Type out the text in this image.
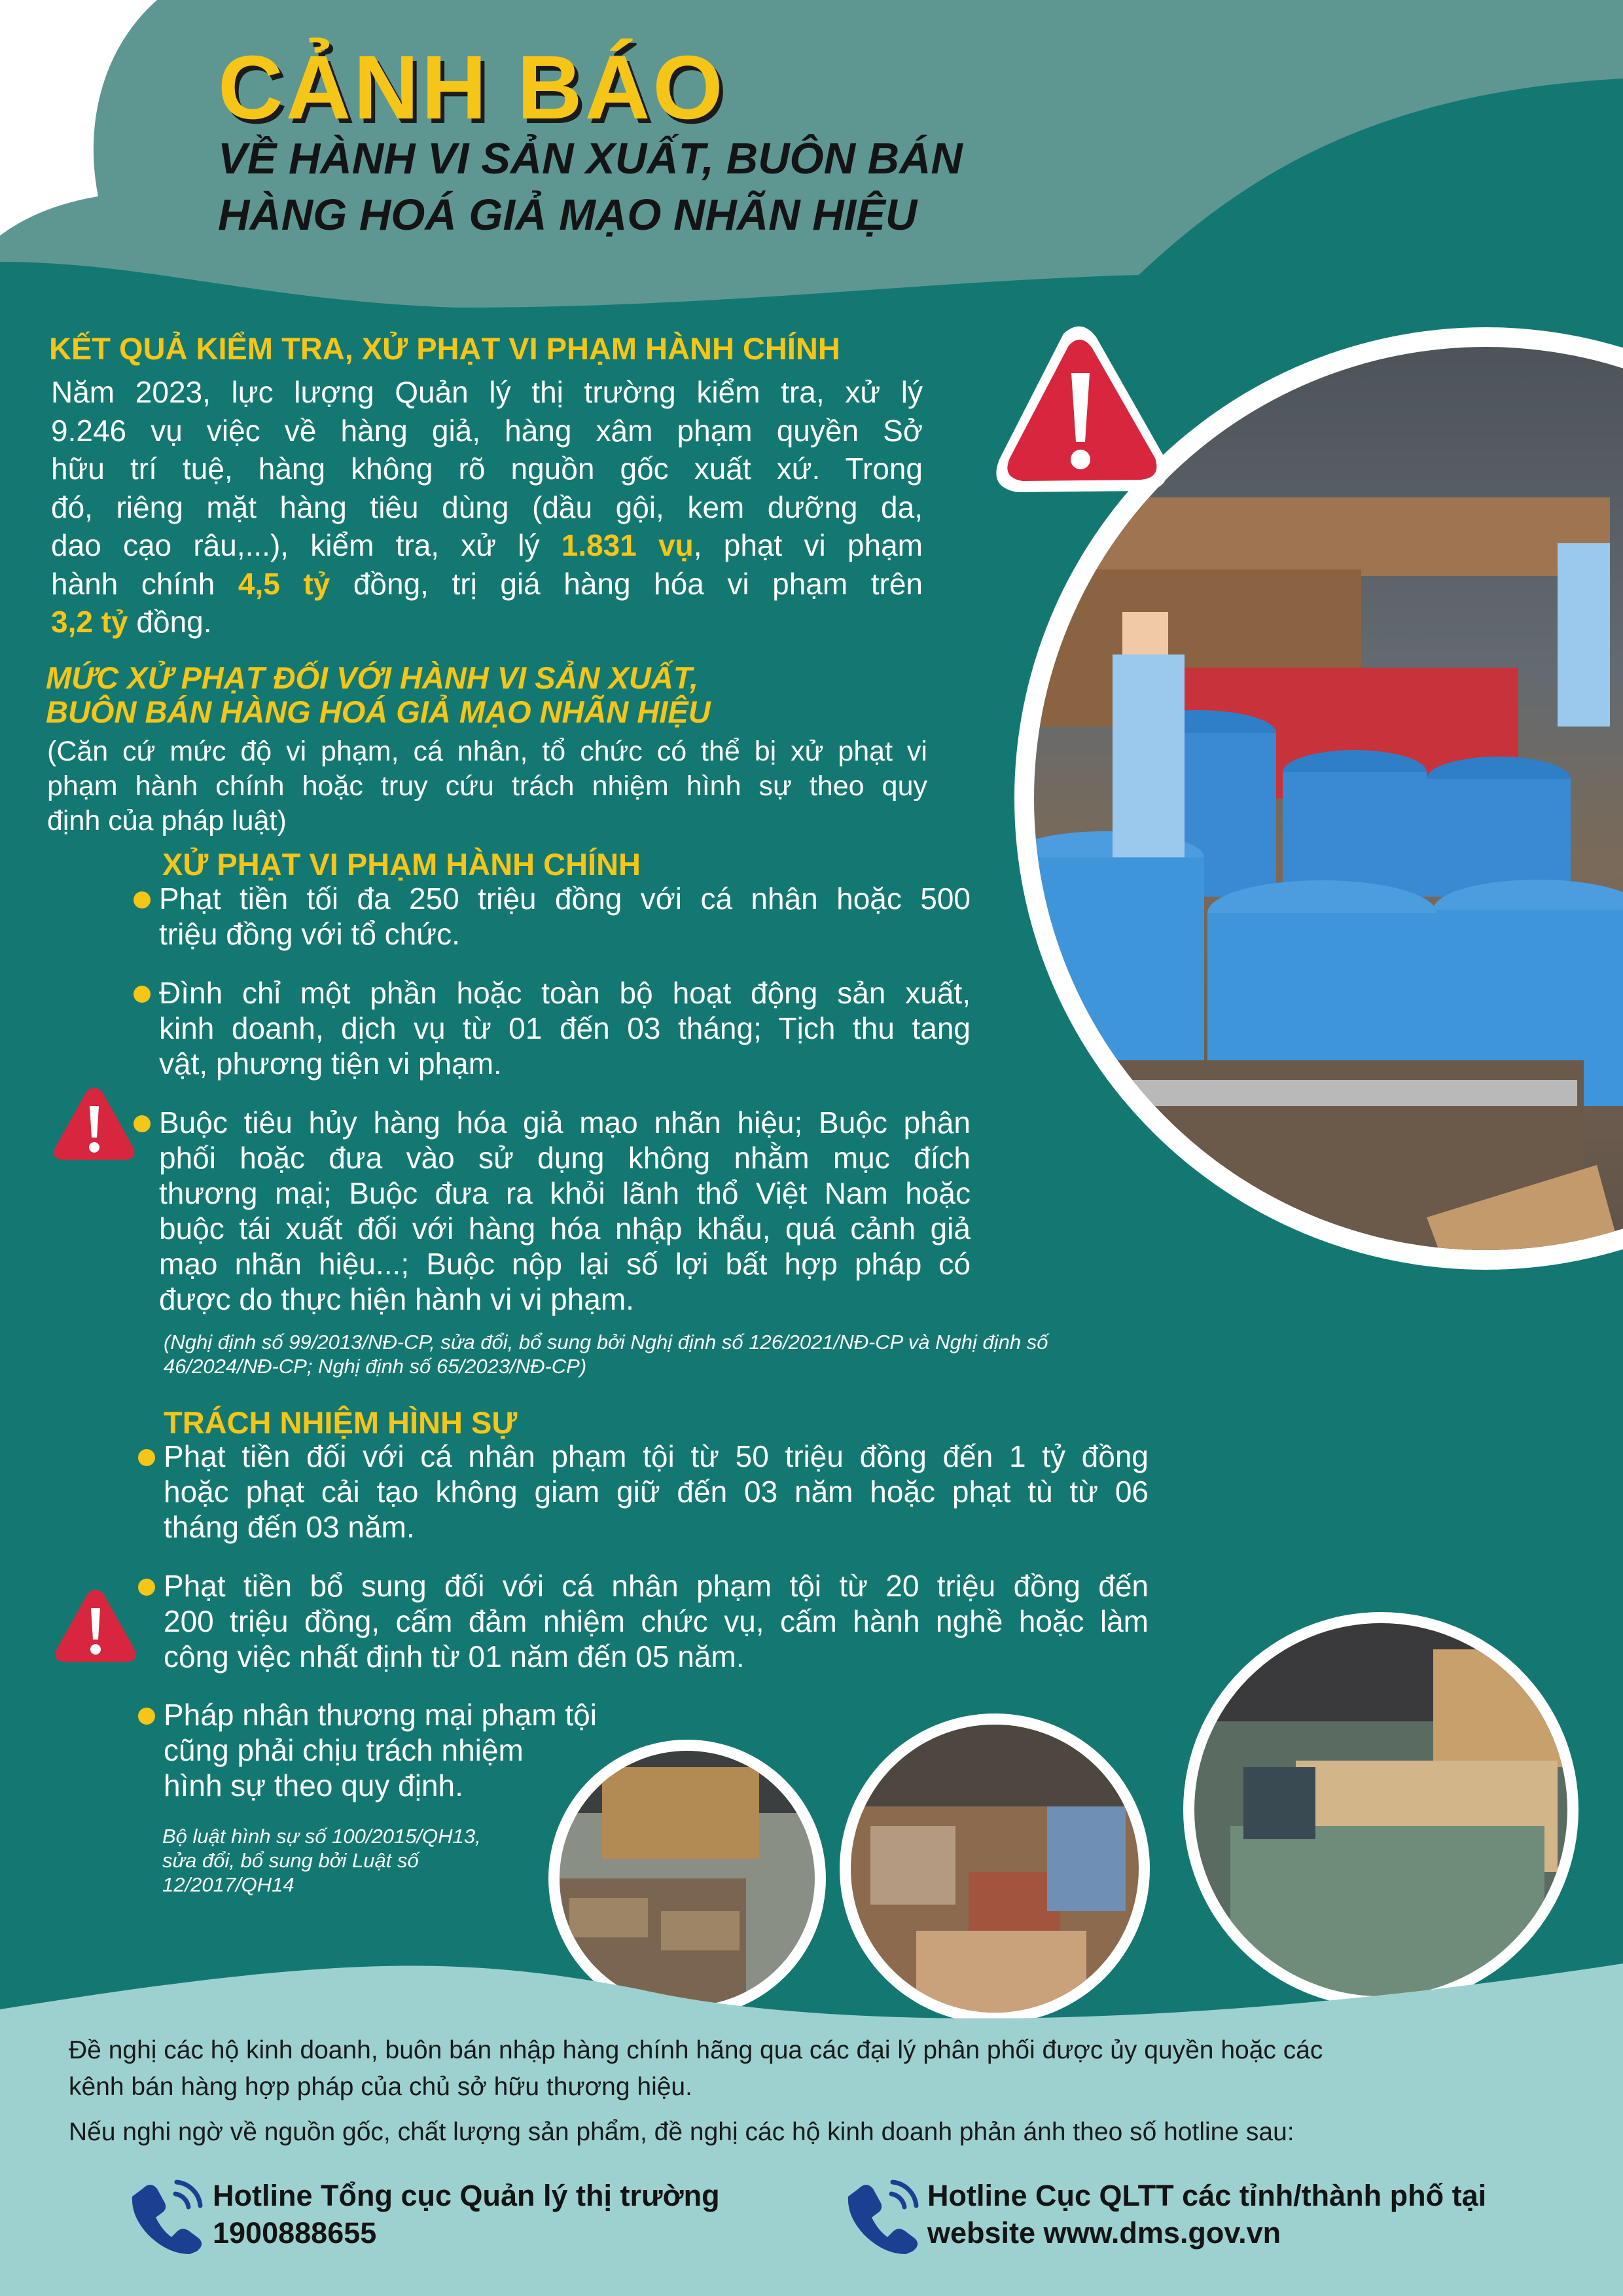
CẢNH BÁO
VỀ HÀNH VI SẢN XUẤT, BUÔN BÁN
HÀNG HOÁ GIẢ MẠO NHÃN HIỆU
KẾT QUẢ KIỂM TRA, XỬ PHẠT VI PHẠM HÀNH CHÍNH
Năm 2023, lực lượng Quản lý thị trường kiểm tra, xử lý
9.246 vụ việc về hàng giả, hàng xâm phạm quyền Sở
hữu trí tuệ, hàng không rõ nguồn gốc xuất xứ. Trong
đó, riêng mặt hàng tiêu dùng (dầu gội, kem dưỡng da,
dao cạo râu,...), kiểm tra, xử lý 1.831 vụ, phạt vi phạm
hành chính 4,5 tỷ đồng, trị giá hàng hóa vi phạm trên
3,2 tỷ đồng.
MỨC XỬ PHẠT ĐỐI VỚI HÀNH VI SẢN XUẤT,
BUÔN BÁN HÀNG HOÁ GIẢ MẠO NHÃN HIỆU
(Căn cứ mức độ vi phạm, cá nhân, tổ chức có thể bị xử phạt vi
phạm hành chính hoặc truy cứu trách nhiệm hình sự theo quy
định của pháp luật)
XỬ PHẠT VI PHẠM HÀNH CHÍNH
Phạt tiền tối đa 250 triệu đồng với cá nhân hoặc 500
triệu đồng với tổ chức.
Đình chỉ một phần hoặc toàn bộ hoạt động sản xuất,
kinh doanh, dịch vụ từ 01 đến 03 tháng; Tịch thu tang
vật, phương tiện vi phạm.
Buộc tiêu hủy hàng hóa giả mạo nhãn hiệu; Buộc phân
phối hoặc đưa vào sử dụng không nhằm mục đích
thương mại; Buộc đưa ra khỏi lãnh thổ Việt Nam hoặc
buộc tái xuất đối với hàng hóa nhập khẩu, quá cảnh giả
mạo nhãn hiệu...; Buộc nộp lại số lợi bất hợp pháp có
được do thực hiện hành vi vi phạm.
(Nghị định số 99/2013/NĐ-CP, sửa đổi, bổ sung bởi Nghị định số 126/2021/NĐ-CP và Nghị định số
46/2024/NĐ-CP; Nghị định số 65/2023/NĐ-CP)
TRÁCH NHIỆM HÌNH SỰ
Phạt tiền đối với cá nhân phạm tội từ 50 triệu đồng đến 1 tỷ đồng
hoặc phạt cải tạo không giam giữ đến 03 năm hoặc phạt tù từ 06
tháng đến 03 năm.
Phạt tiền bổ sung đối với cá nhân phạm tội từ 20 triệu đồng đến
200 triệu đồng, cấm đảm nhiệm chức vụ, cấm hành nghề hoặc làm
công việc nhất định từ 01 năm đến 05 năm.
Pháp nhân thương mại phạm tội
cũng phải chịu trách nhiệm
hình sự theo quy định.
Bộ luật hình sự số 100/2015/QH13,
sửa đổi, bổ sung bởi Luật số
12/2017/QH14
Đề nghị các hộ kinh doanh, buôn bán nhập hàng chính hãng qua các đại lý phân phối được ủy quyền hoặc các
kênh bán hàng hợp pháp của chủ sở hữu thương hiệu.
Nếu nghi ngờ về nguồn gốc, chất lượng sản phẩm, đề nghị các hộ kinh doanh phản ánh theo số hotline sau:
Hotline Tổng cục Quản lý thị trường
1900888655
Hotline Cục QLTT các tỉnh/thành phố tại
website www.dms.gov.vn
